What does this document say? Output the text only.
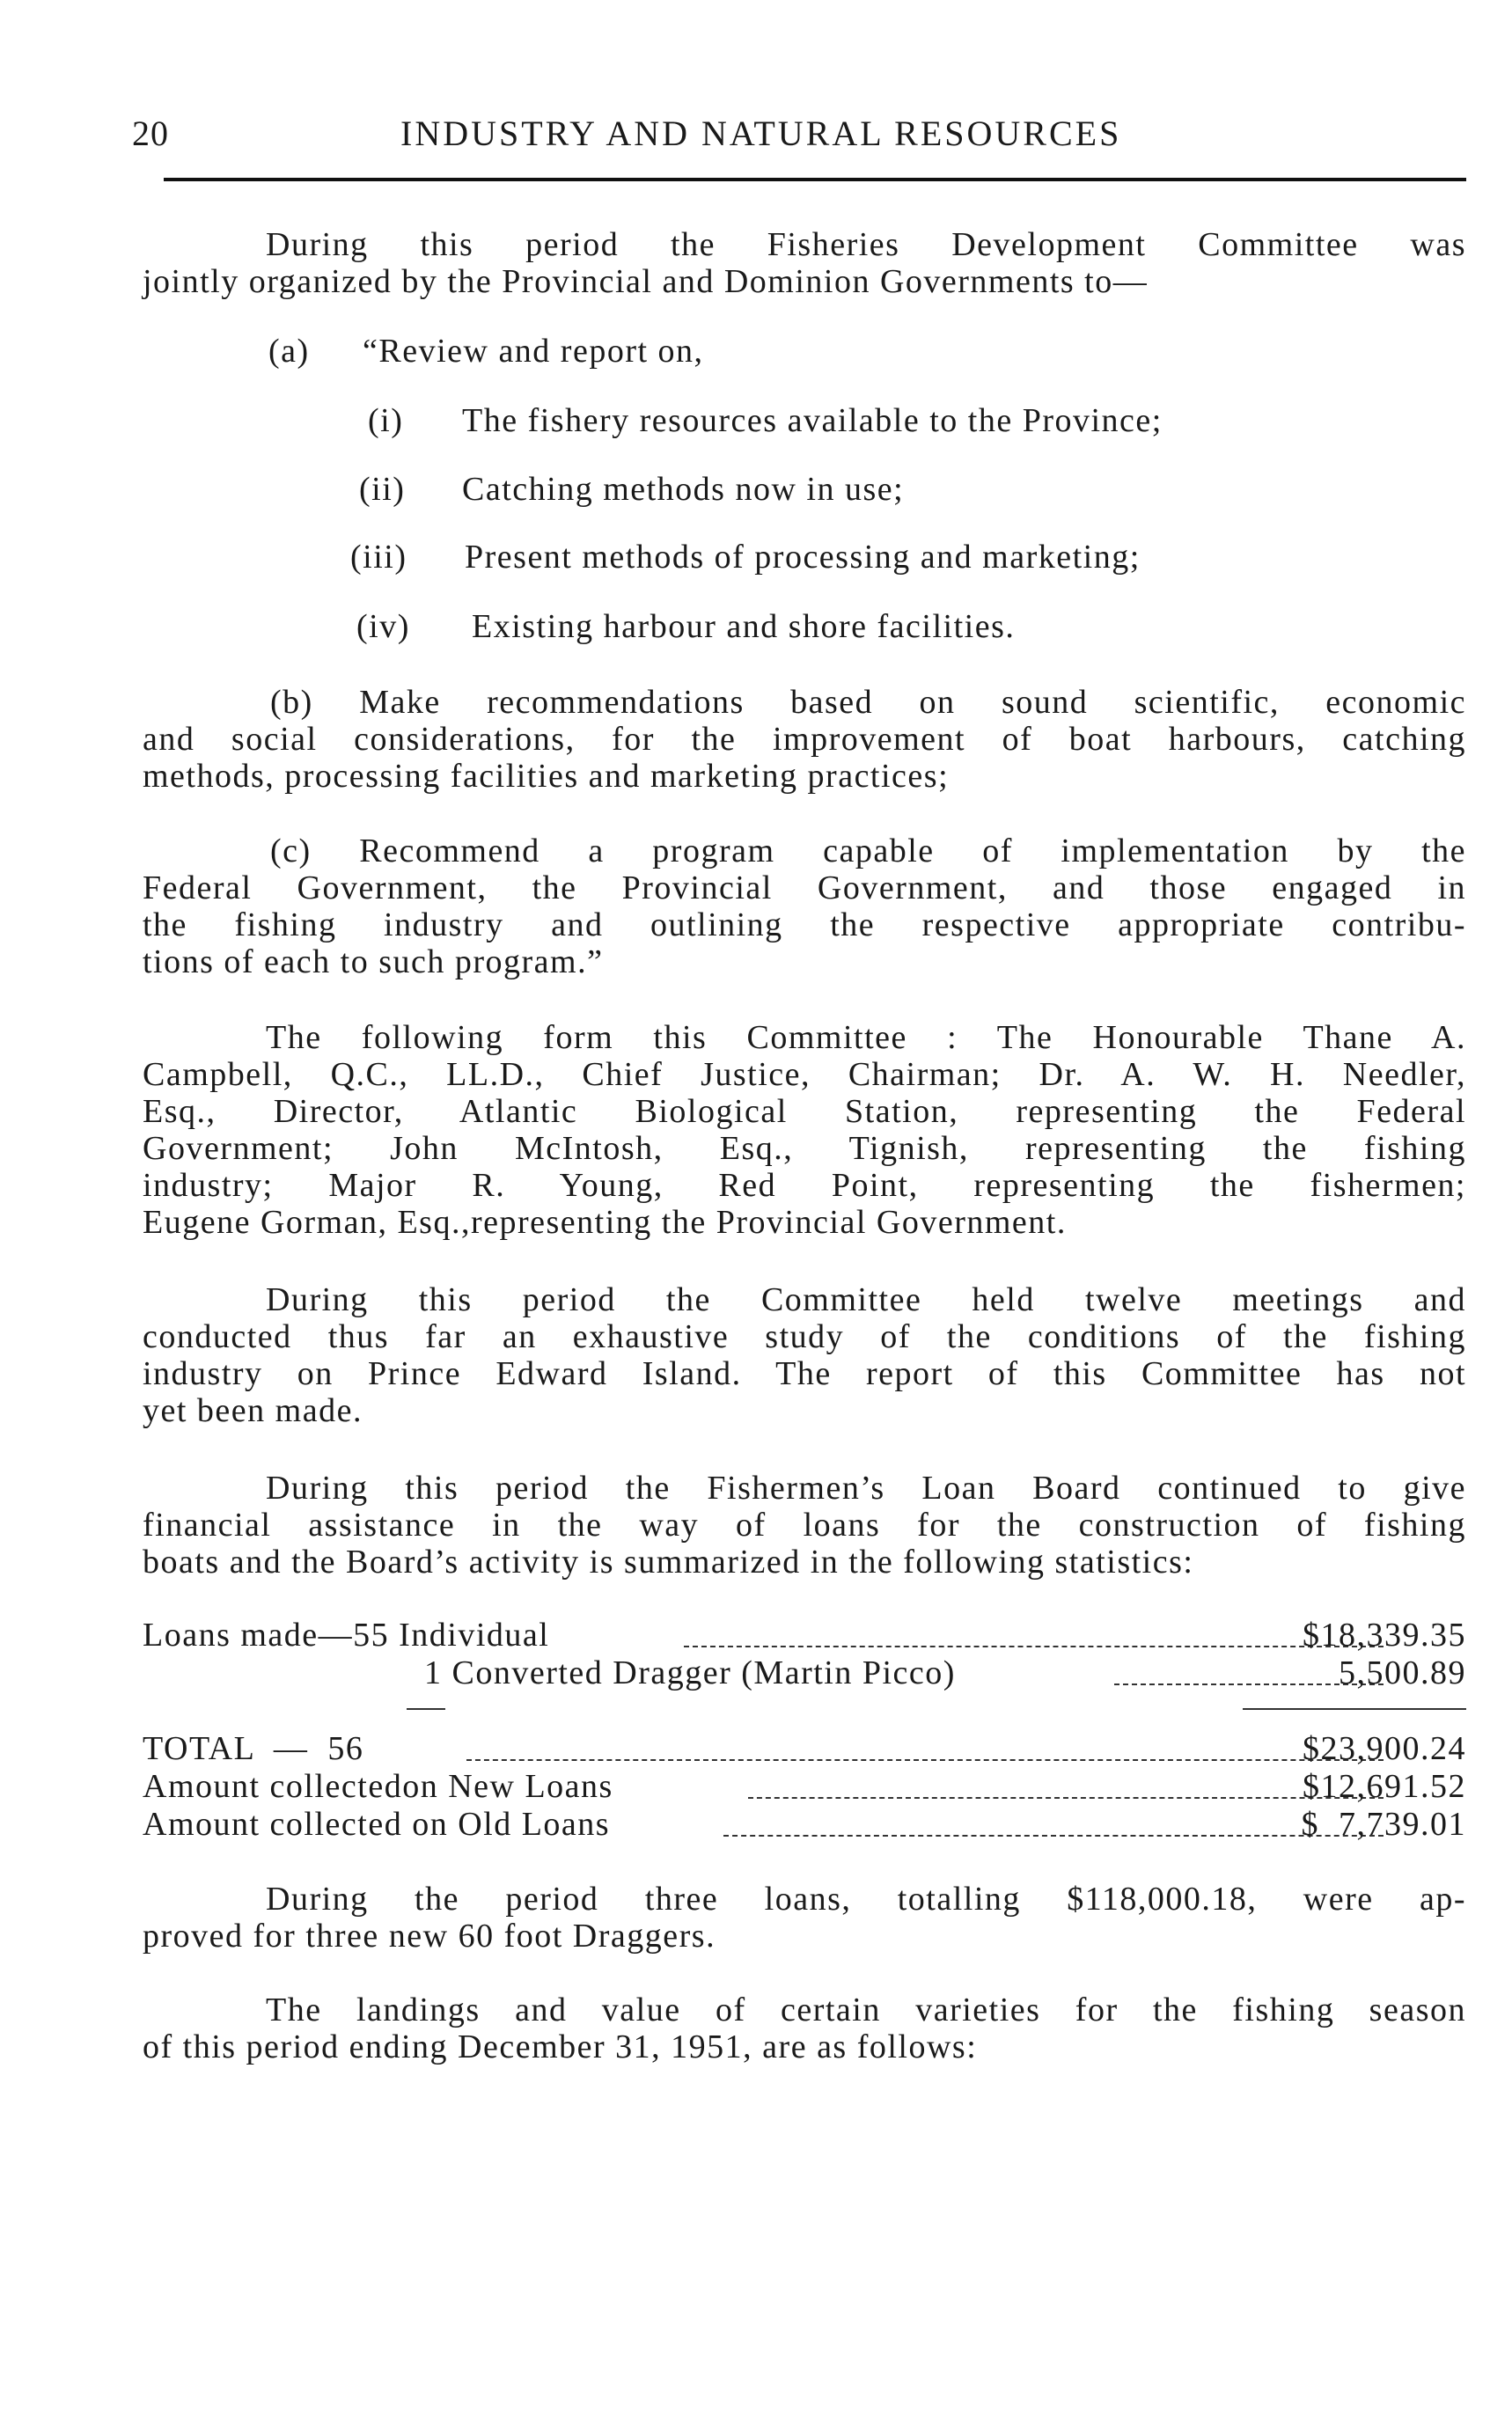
20	INDUSTRY AND NATURAL RESOURCES
During this period the Fisheries Development Committee was
jointly organized by the Provincial and Dominion Governments to—
(a) “Review and report on,
(i) The fishery resources available to the Province;
(ii) Catching methods now in use;
(iii) Present methods of processing and marketing;
(iv) Existing harbour and shore facilities.
(b) Make recommendations based on sound scientific, economic
and social considerations, for the improvement of boat harbours, catching
methods, processing facilities and marketing practices;
(c) Recommend a program capable of implementation by the
Federal Government, the Provincial Government, and those engaged in
the fishing industry and outlining the respective appropriate contribu-
tions of each to such program.”
The following form this Committee : The Honourable Thane A.
Campbell, Q.C., LL.D., Chief Justice, Chairman; Dr. A. W. H. Needler,
Esq., Director, Atlantic Biological Station, representing the Federal
Government; John McIntosh, Esq., Tignish, representing the fishing
industry; Major R. Young, Red Point, representing the fishermen;
Eugene Gorman, Esq.,representing the Provincial Government.
During this period the Committee held twelve meetings and
conducted thus far an exhaustive study of the conditions of the fishing
industry on Prince Edward Island. The report of this Committee has not
yet been made.
During this period the Fishermen’s Loan Board continued to give
financial assistance in the way of loans for the construction of fishing
boats and the Board’s activity is summarized in the following statistics:
Loans made—55 Individual	$18,339.35
1 Converted Dragger (Martin Picco)	5,500.89
TOTAL  —  56	$23,900.24
Amount collectedon New Loans	$12,691.52
Amount collected on Old Loans	$  7,739.01
During the period three loans, totalling $118,000.18, were ap-
proved for three new 60 foot Draggers.
The landings and value of certain varieties for the fishing season
of this period ending December 31, 1951, are as follows:
